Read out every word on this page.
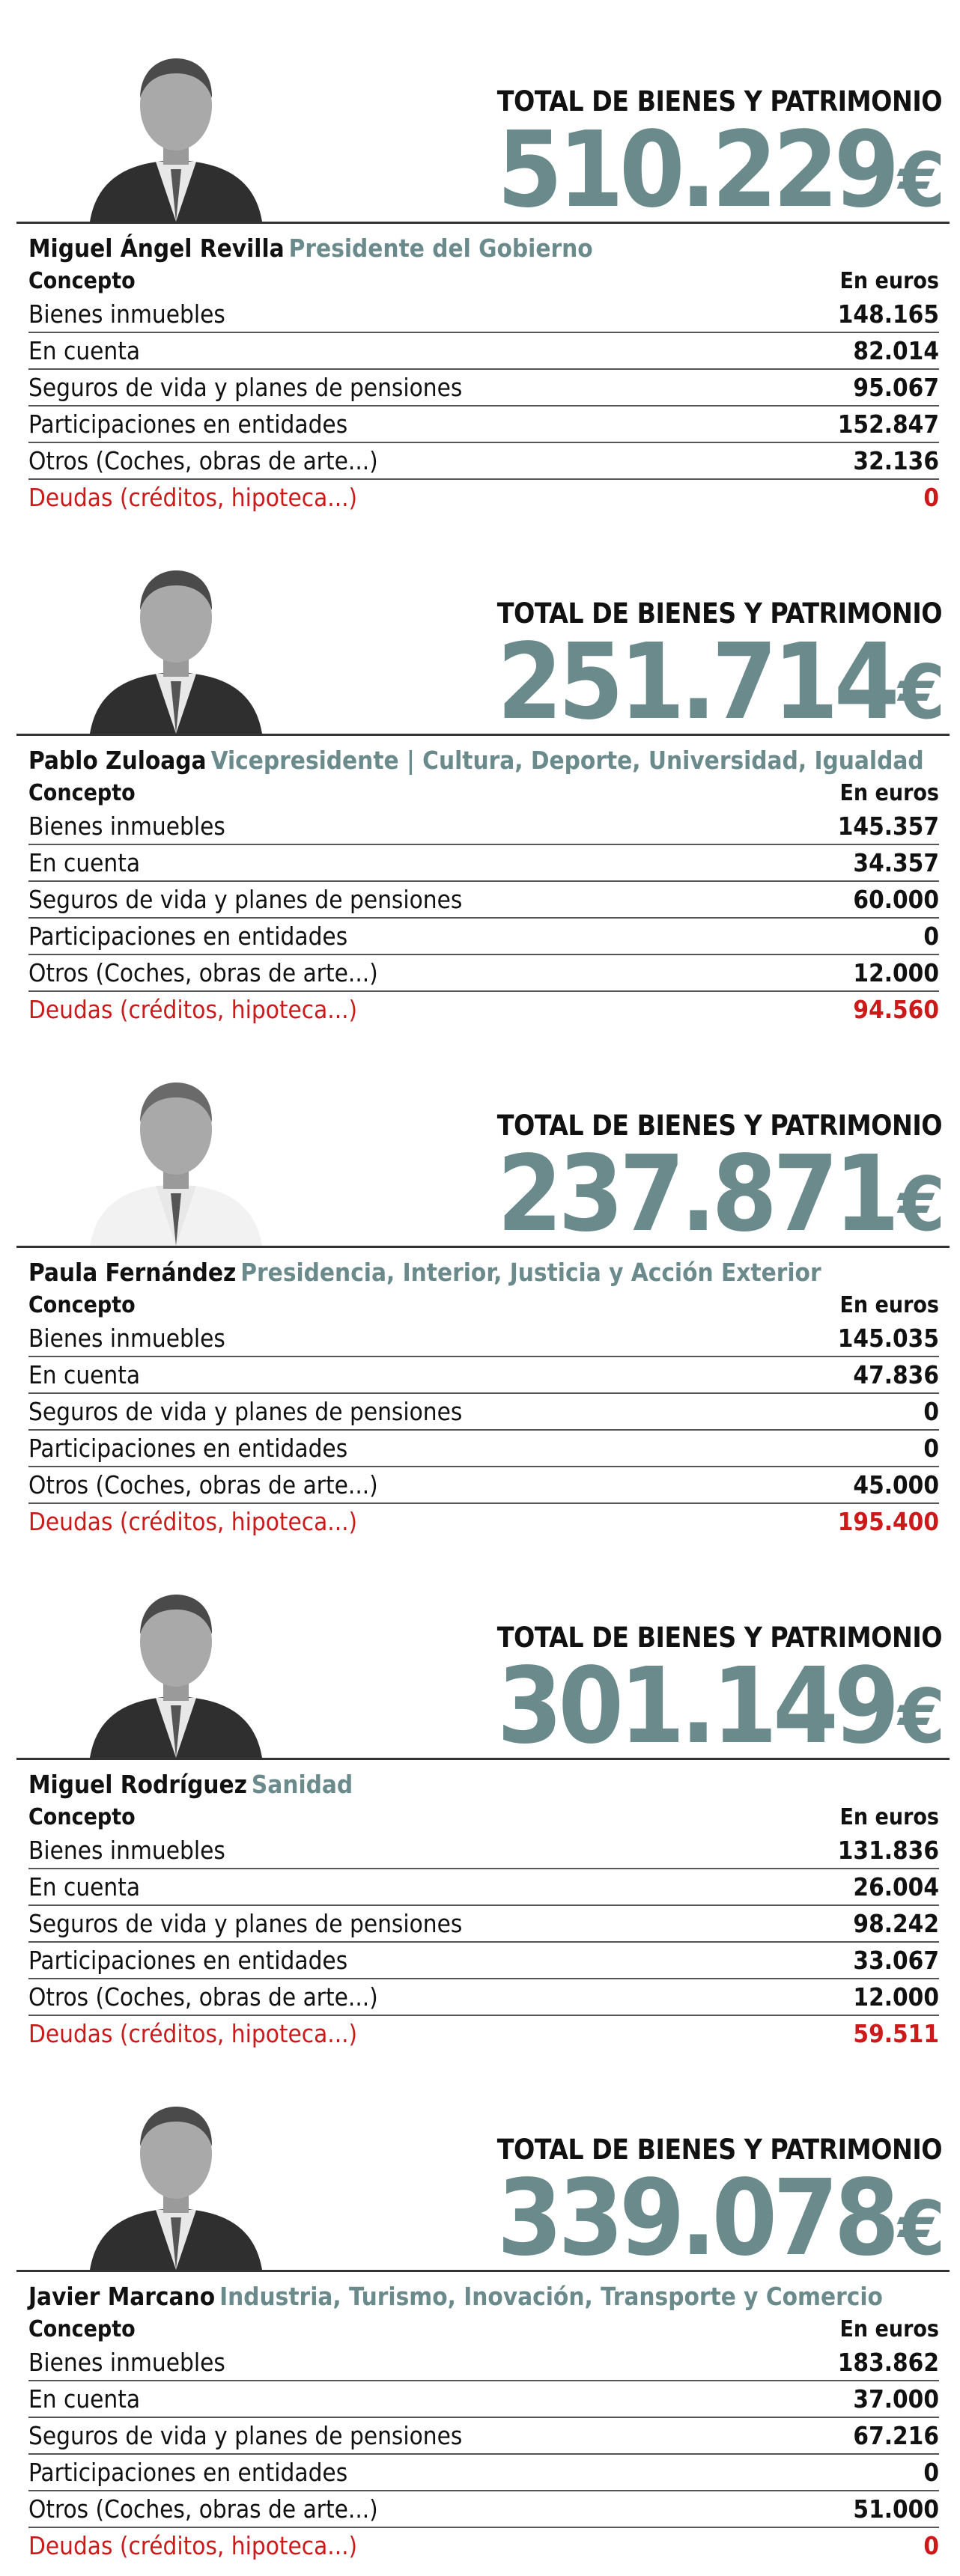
TOTAL DE BIENES Y PATRIMONIO
510.229€
Miguel Ángel Revilla Presidente del Gobierno
Concepto	En euros
Bienes inmuebles	148.165
En cuenta	82.014
Seguros de vida y planes de pensiones	95.067
Participaciones en entidades	152.847
Otros (Coches, obras de arte...)	32.136
Deudas (créditos, hipoteca...)	0
TOTAL DE BIENES Y PATRIMONIO
251.714€
Pablo Zuloaga Vicepresidente | Cultura, Deporte, Universidad, Igualdad
Concepto	En euros
Bienes inmuebles	145.357
En cuenta	34.357
Seguros de vida y planes de pensiones	60.000
Participaciones en entidades	0
Otros (Coches, obras de arte...)	12.000
Deudas (créditos, hipoteca...)	94.560
TOTAL DE BIENES Y PATRIMONIO
237.871€
Paula Fernández Presidencia, Interior, Justicia y Acción Exterior
Concepto	En euros
Bienes inmuebles	145.035
En cuenta	47.836
Seguros de vida y planes de pensiones	0
Participaciones en entidades	0
Otros (Coches, obras de arte...)	45.000
Deudas (créditos, hipoteca...)	195.400
TOTAL DE BIENES Y PATRIMONIO
301.149€
Miguel Rodríguez Sanidad
Concepto	En euros
Bienes inmuebles	131.836
En cuenta	26.004
Seguros de vida y planes de pensiones	98.242
Participaciones en entidades	33.067
Otros (Coches, obras de arte...)	12.000
Deudas (créditos, hipoteca...)	59.511
TOTAL DE BIENES Y PATRIMONIO
339.078€
Javier Marcano Industria, Turismo, Inovación, Transporte y Comercio
Concepto	En euros
Bienes inmuebles	183.862
En cuenta	37.000
Seguros de vida y planes de pensiones	67.216
Participaciones en entidades	0
Otros (Coches, obras de arte...)	51.000
Deudas (créditos, hipoteca...)	0
